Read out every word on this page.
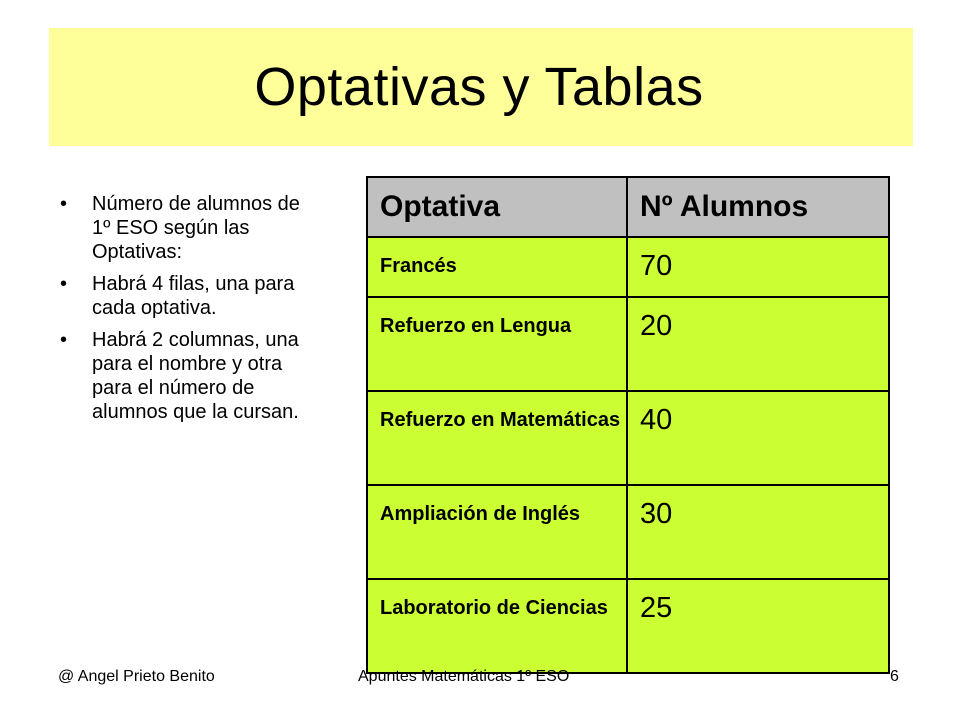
Optativas y Tablas
•	Número de alumnos de 1º ESO según las Optativas:
•	Habrá 4 filas, una para cada optativa.
•	Habrá 2 columnas, una para el nombre y otra para el número de alumnos que la cursan.
Optativa	Nº Alumnos

Francés	70

Refuerzo en Lengua	20

Refuerzo en Matemáticas	40

Ampliación de Inglés	30

Laboratorio de Ciencias	25
@ Angel Prieto Benito	Apuntes Matemáticas 1º ESO	6
